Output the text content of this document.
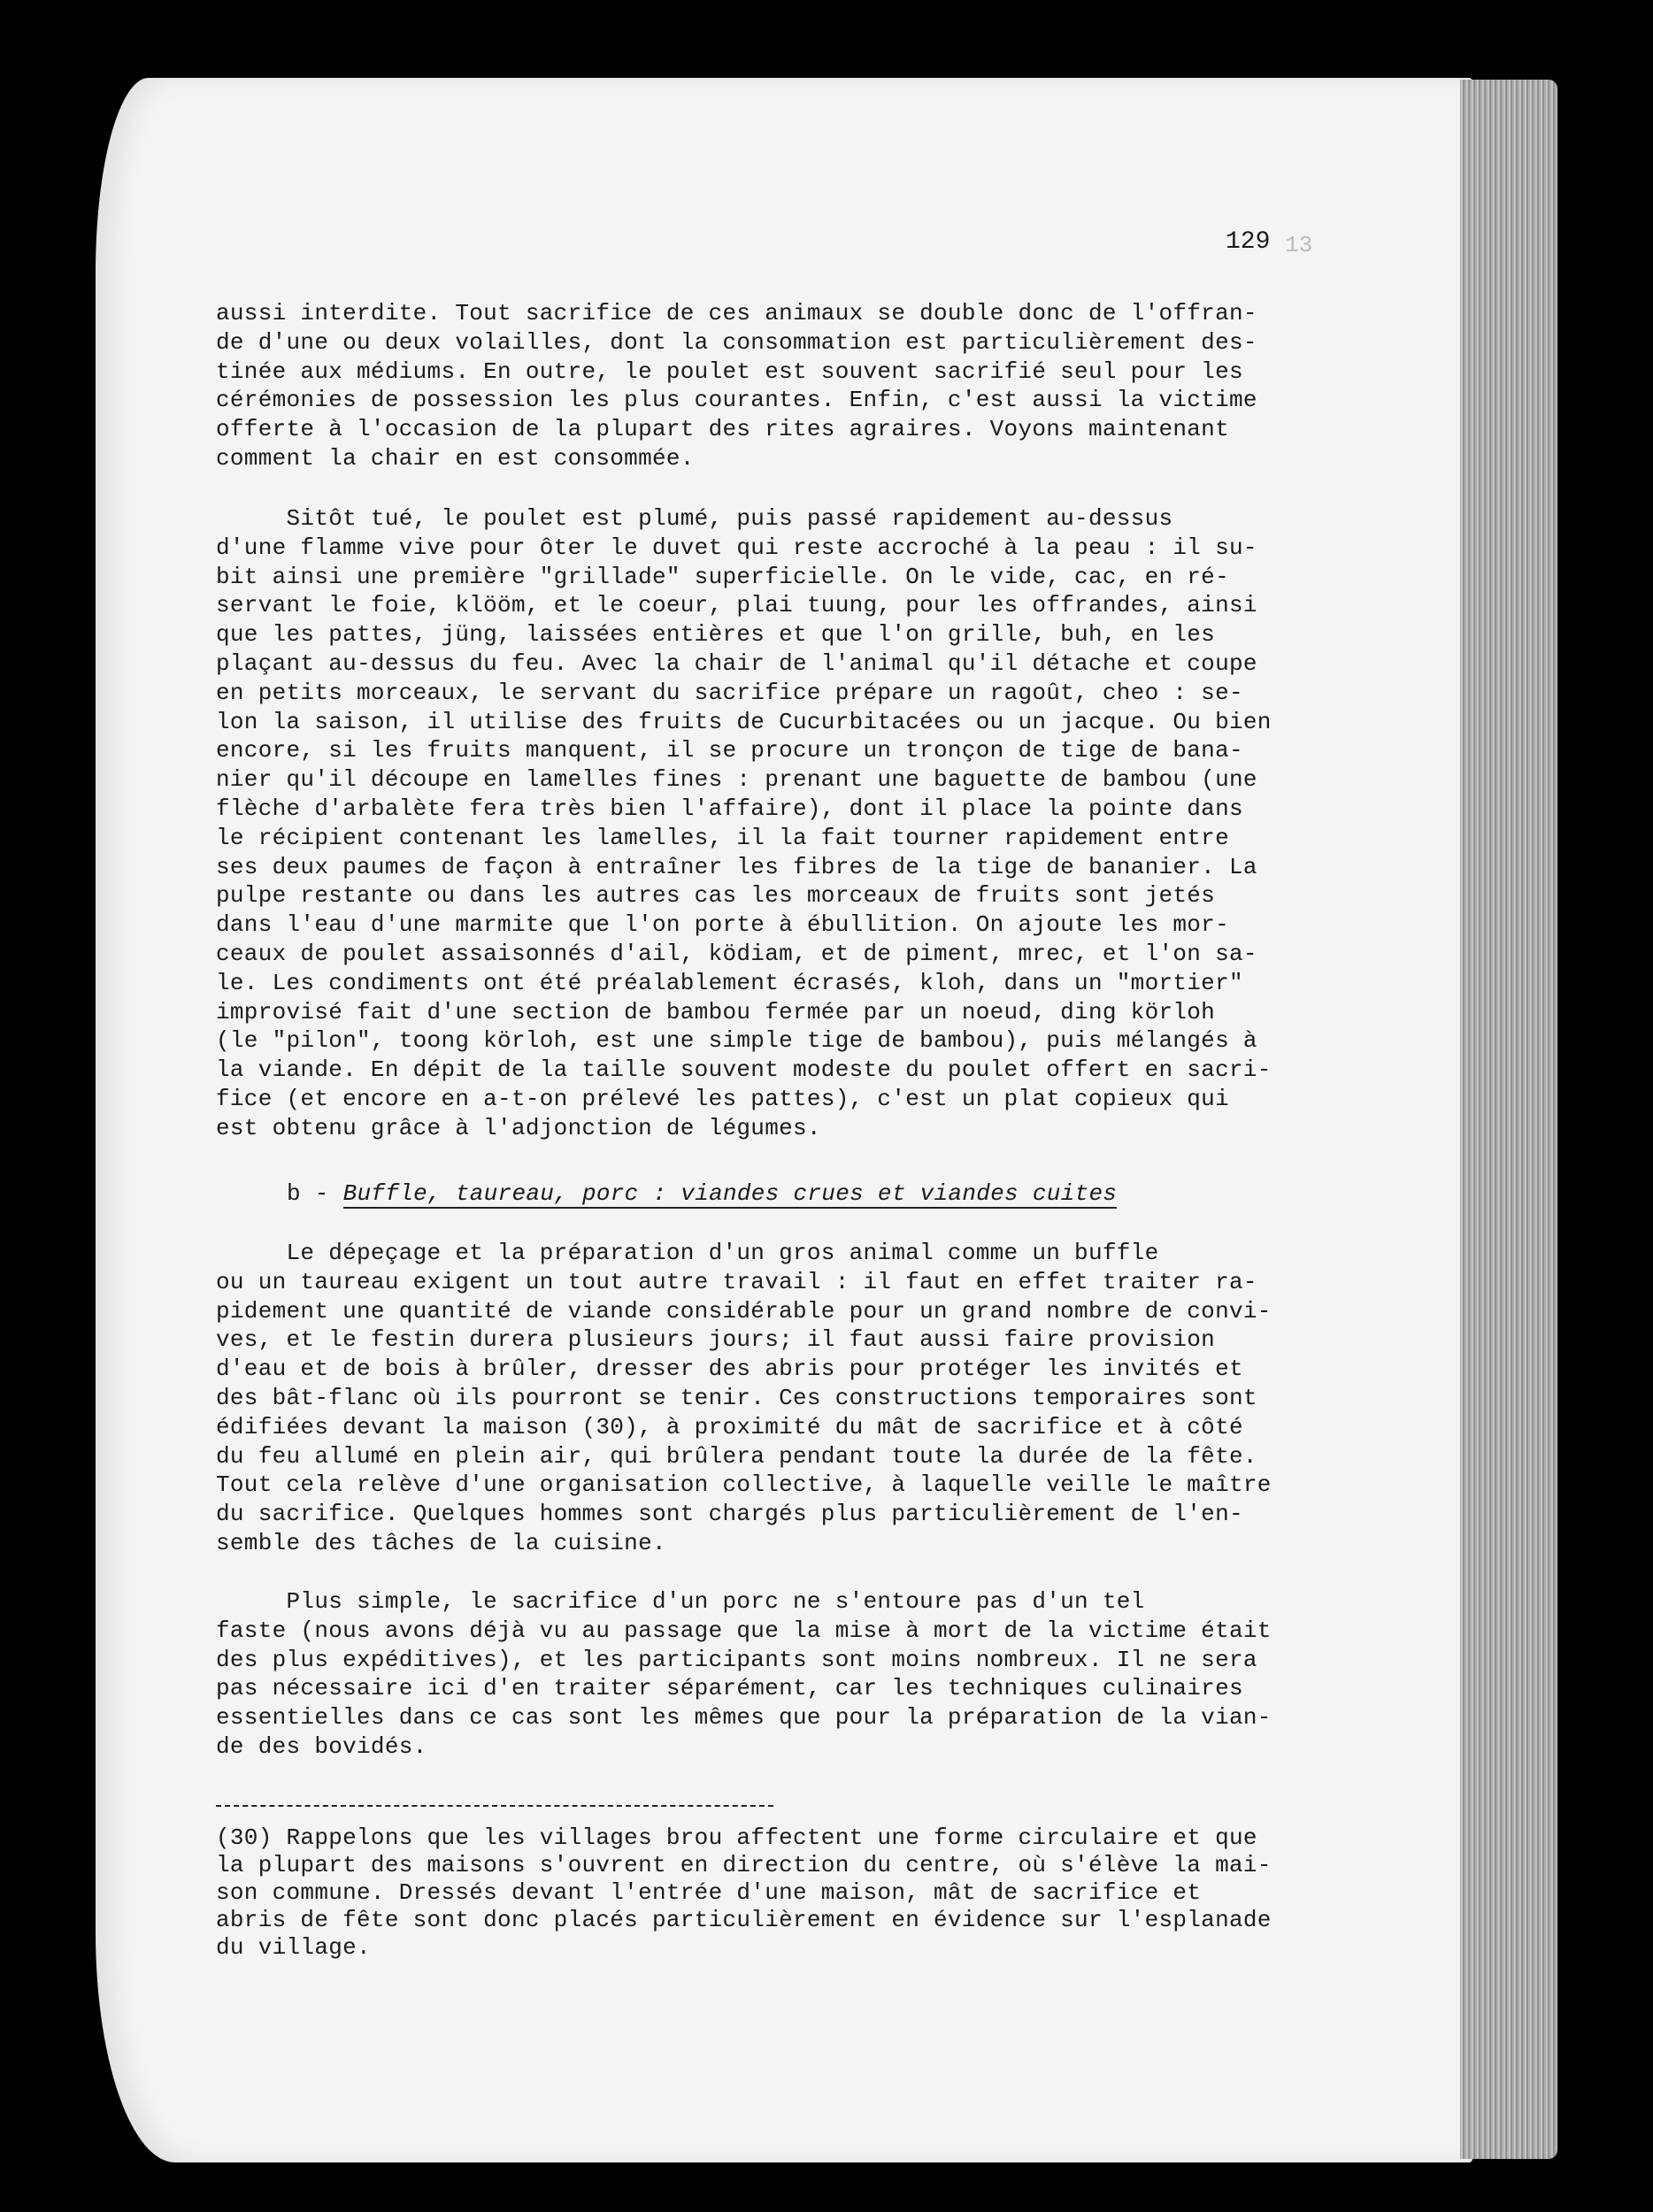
129 13
aussi interdite. Tout sacrifice de ces animaux se double donc de l'offran-
de d'une ou deux volailles, dont la consommation est particulièrement des-
tinée aux médiums. En outre, le poulet est souvent sacrifié seul pour les
cérémonies de possession les plus courantes. Enfin, c'est aussi la victime
offerte à l'occasion de la plupart des rites agraires. Voyons maintenant
comment la chair en est consommée.
Sitôt tué, le poulet est plumé, puis passé rapidement au-dessus
d'une flamme vive pour ôter le duvet qui reste accroché à la peau : il su-
bit ainsi une première "grillade" superficielle. On le vide, cac, en ré-
servant le foie, klööm, et le coeur, plai tuung, pour les offrandes, ainsi
que les pattes, jüng, laissées entières et que l'on grille, buh, en les
plaçant au-dessus du feu. Avec la chair de l'animal qu'il détache et coupe
en petits morceaux, le servant du sacrifice prépare un ragoût, cheo : se-
lon la saison, il utilise des fruits de Cucurbitacées ou un jacque. Ou bien
encore, si les fruits manquent, il se procure un tronçon de tige de bana-
nier qu'il découpe en lamelles fines : prenant une baguette de bambou (une
flèche d'arbalète fera très bien l'affaire), dont il place la pointe dans
le récipient contenant les lamelles, il la fait tourner rapidement entre
ses deux paumes de façon à entraîner les fibres de la tige de bananier. La
pulpe restante ou dans les autres cas les morceaux de fruits sont jetés
dans l'eau d'une marmite que l'on porte à ébullition. On ajoute les mor-
ceaux de poulet assaisonnés d'ail, ködiam, et de piment, mrec, et l'on sa-
le. Les condiments ont été préalablement écrasés, kloh, dans un "mortier"
improvisé fait d'une section de bambou fermée par un noeud, ding körloh
(le "pilon", toong körloh, est une simple tige de bambou), puis mélangés à
la viande. En dépit de la taille souvent modeste du poulet offert en sacri-
fice (et encore en a-t-on prélevé les pattes), c'est un plat copieux qui
est obtenu grâce à l'adjonction de légumes.
b - Buffle, taureau, porc : viandes crues et viandes cuites
Le dépeçage et la préparation d'un gros animal comme un buffle
ou un taureau exigent un tout autre travail : il faut en effet traiter ra-
pidement une quantité de viande considérable pour un grand nombre de convi-
ves, et le festin durera plusieurs jours; il faut aussi faire provision
d'eau et de bois à brûler, dresser des abris pour protéger les invités et
des bât-flanc où ils pourront se tenir. Ces constructions temporaires sont
édifiées devant la maison (30), à proximité du mât de sacrifice et à côté
du feu allumé en plein air, qui brûlera pendant toute la durée de la fête.
Tout cela relève d'une organisation collective, à laquelle veille le maître
du sacrifice. Quelques hommes sont chargés plus particulièrement de l'en-
semble des tâches de la cuisine.
Plus simple, le sacrifice d'un porc ne s'entoure pas d'un tel
faste (nous avons déjà vu au passage que la mise à mort de la victime était
des plus expéditives), et les participants sont moins nombreux. Il ne sera
pas nécessaire ici d'en traiter séparément, car les techniques culinaires
essentielles dans ce cas sont les mêmes que pour la préparation de la vian-
de des bovidés.
(30) Rappelons que les villages brou affectent une forme circulaire et que
la plupart des maisons s'ouvrent en direction du centre, où s'élève la mai-
son commune. Dressés devant l'entrée d'une maison, mât de sacrifice et
abris de fête sont donc placés particulièrement en évidence sur l'esplanade
du village.
